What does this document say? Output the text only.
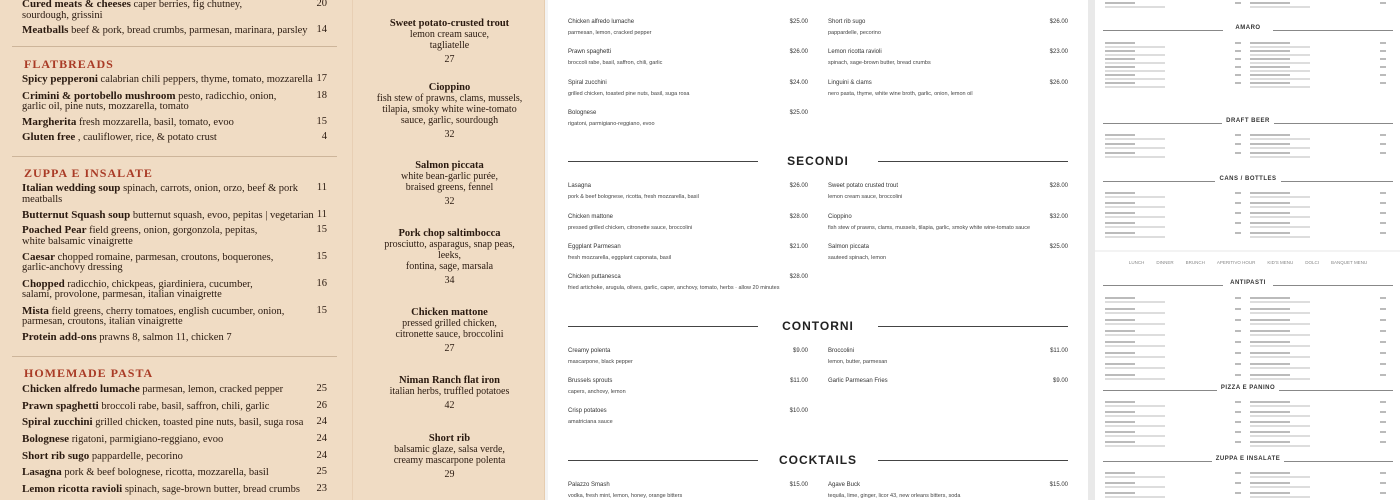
Cured meats & cheeses caper berries, fig chutney,	20
sourdough, grissini
Meatballs beef & pork, bread crumbs, parmesan, marinara, parsley 14
FLATBREADS
Spicy pepperoni calabrian chili peppers, thyme, tomato, mozzarella 17
Crimini & portobello mushroom pesto, radicchio, onion,	18
garlic oil, pine nuts, mozzarella, tomato
Margherita fresh mozzarella, basil, tomato, evoo	15
Gluten free , cauliflower, rice, & potato crust	4
ZUPPA E INSALATE
Italian wedding soup spinach, carrots, onion, orzo, beef & pork 11
meatballs
Butternut Squash soup butternut squash, evoo, pepitas | vegetarian 11
Poached Pear field greens, onion, gorgonzola, pepitas,	15
white balsamic vinaigrette
Caesar chopped romaine, parmesan, croutons, boquerones,	15
garlic-anchovy dressing
Chopped radicchio, chickpeas, giardiniera, cucumber,	16
salami, provolone, parmesan, italian vinaigrette
Mista field greens, cherry tomatoes, english cucumber, onion,	15
parmesan, croutons, italian vinaigrette
Protein add-ons prawns 8, salmon 11, chicken 7
HOMEMADE PASTA
Chicken alfredo lumache parmesan, lemon, cracked pepper	25
Prawn spaghetti broccoli rabe, basil, saffron, chili, garlic	26
Spiral zucchini grilled chicken, toasted pine nuts, basil, suga rosa 24
Bolognese rigatoni, parmigiano-reggiano, evoo	24
Short rib sugo pappardelle, pecorino	24
Lasagna pork & beef bolognese, ricotta, mozzarella, basil	25
Lemon ricotta ravioli spinach, sage-brown butter, bread crumbs 23
Sweet potato-crusted trout
lemon cream sauce,
tagliatelle
27
Cioppino
fish stew of prawns, clams, mussels,
tilapia, smoky white wine-tomato
sauce, garlic, sourdough
32
Salmon piccata
white bean-garlic purée,
braised greens, fennel
32
Pork chop saltimbocca
prosciutto, asparagus, snap peas,
leeks,
fontina, sage, marsala
34
Chicken mattone
pressed grilled chicken,
citronette sauce, broccolini
27
Niman Ranch flat iron
italian herbs, truffled potatoes
42
Short rib
balsamic glaze, salsa verde,
creamy mascarpone polenta
29
Chicken alfredo lumache	$25.00
parmesan, lemon, cracked pepper
Prawn spaghetti	$26.00
broccoli rabe, basil, saffron, chili, garlic
Spiral zucchini	$24.00
grilled chicken, toasted pine nuts, basil, suga rosa
Bolognese	$25.00
rigatoni, parmigiano-reggiano, evoo
Short rib sugo	$26.00
pappardelle, pecorino
Lemon ricotta ravioli	$23.00
spinach, sage-brown butter, bread crumbs
Linguini & clams	$26.00
nero pasta, thyme, white wine broth, garlic, onion, lemon oil
SECONDI
Lasagna	$26.00
pork & beef bolognese, ricotta, fresh mozzarella, basil
Chicken mattone	$28.00
pressed grilled chicken, citronette sauce, broccolini
Eggplant Parmesan	$21.00
fresh mozzarella, eggplant caponata, basil
Chicken puttanesca	$28.00
fried artichoke, arugula, olives, garlic, caper, anchovy, tomato, herbs · allow 20 minutes
Sweet potato crusted trout	$28.00
lemon cream sauce, broccolini
Cioppino	$32.00
fish stew of prawns, clams, mussels, tilapia, garlic, smoky white wine-tomato sauce
Salmon piccata	$25.00
sauteed spinach, lemon
CONTORNI
Creamy polenta	$9.00
mascarpone, black pepper
Brussels sprouts	$11.00
capers, anchovy, lemon
Crisp potatoes	$10.00
amatriciana sauce
Broccolini	$11.00
lemon, butter, parmesan
Garlic Parmesan Fries	$9.00
COCKTAILS
Palazzo Smash	$15.00
vodka, fresh mint, lemon, honey, orange bitters
Agave Buck	$15.00
tequila, lime, ginger, licor 43, new orleans bitters, soda
AMARO
DRAFT BEER
CANS / BOTTLES
LUNCH	DINNER	BRUNCH	APERITIVO HOUR	KID'S MENU	DOLCI	BANQUET MENU
ANTIPASTI
PIZZA E PANINO
ZUPPA E INSALATE
